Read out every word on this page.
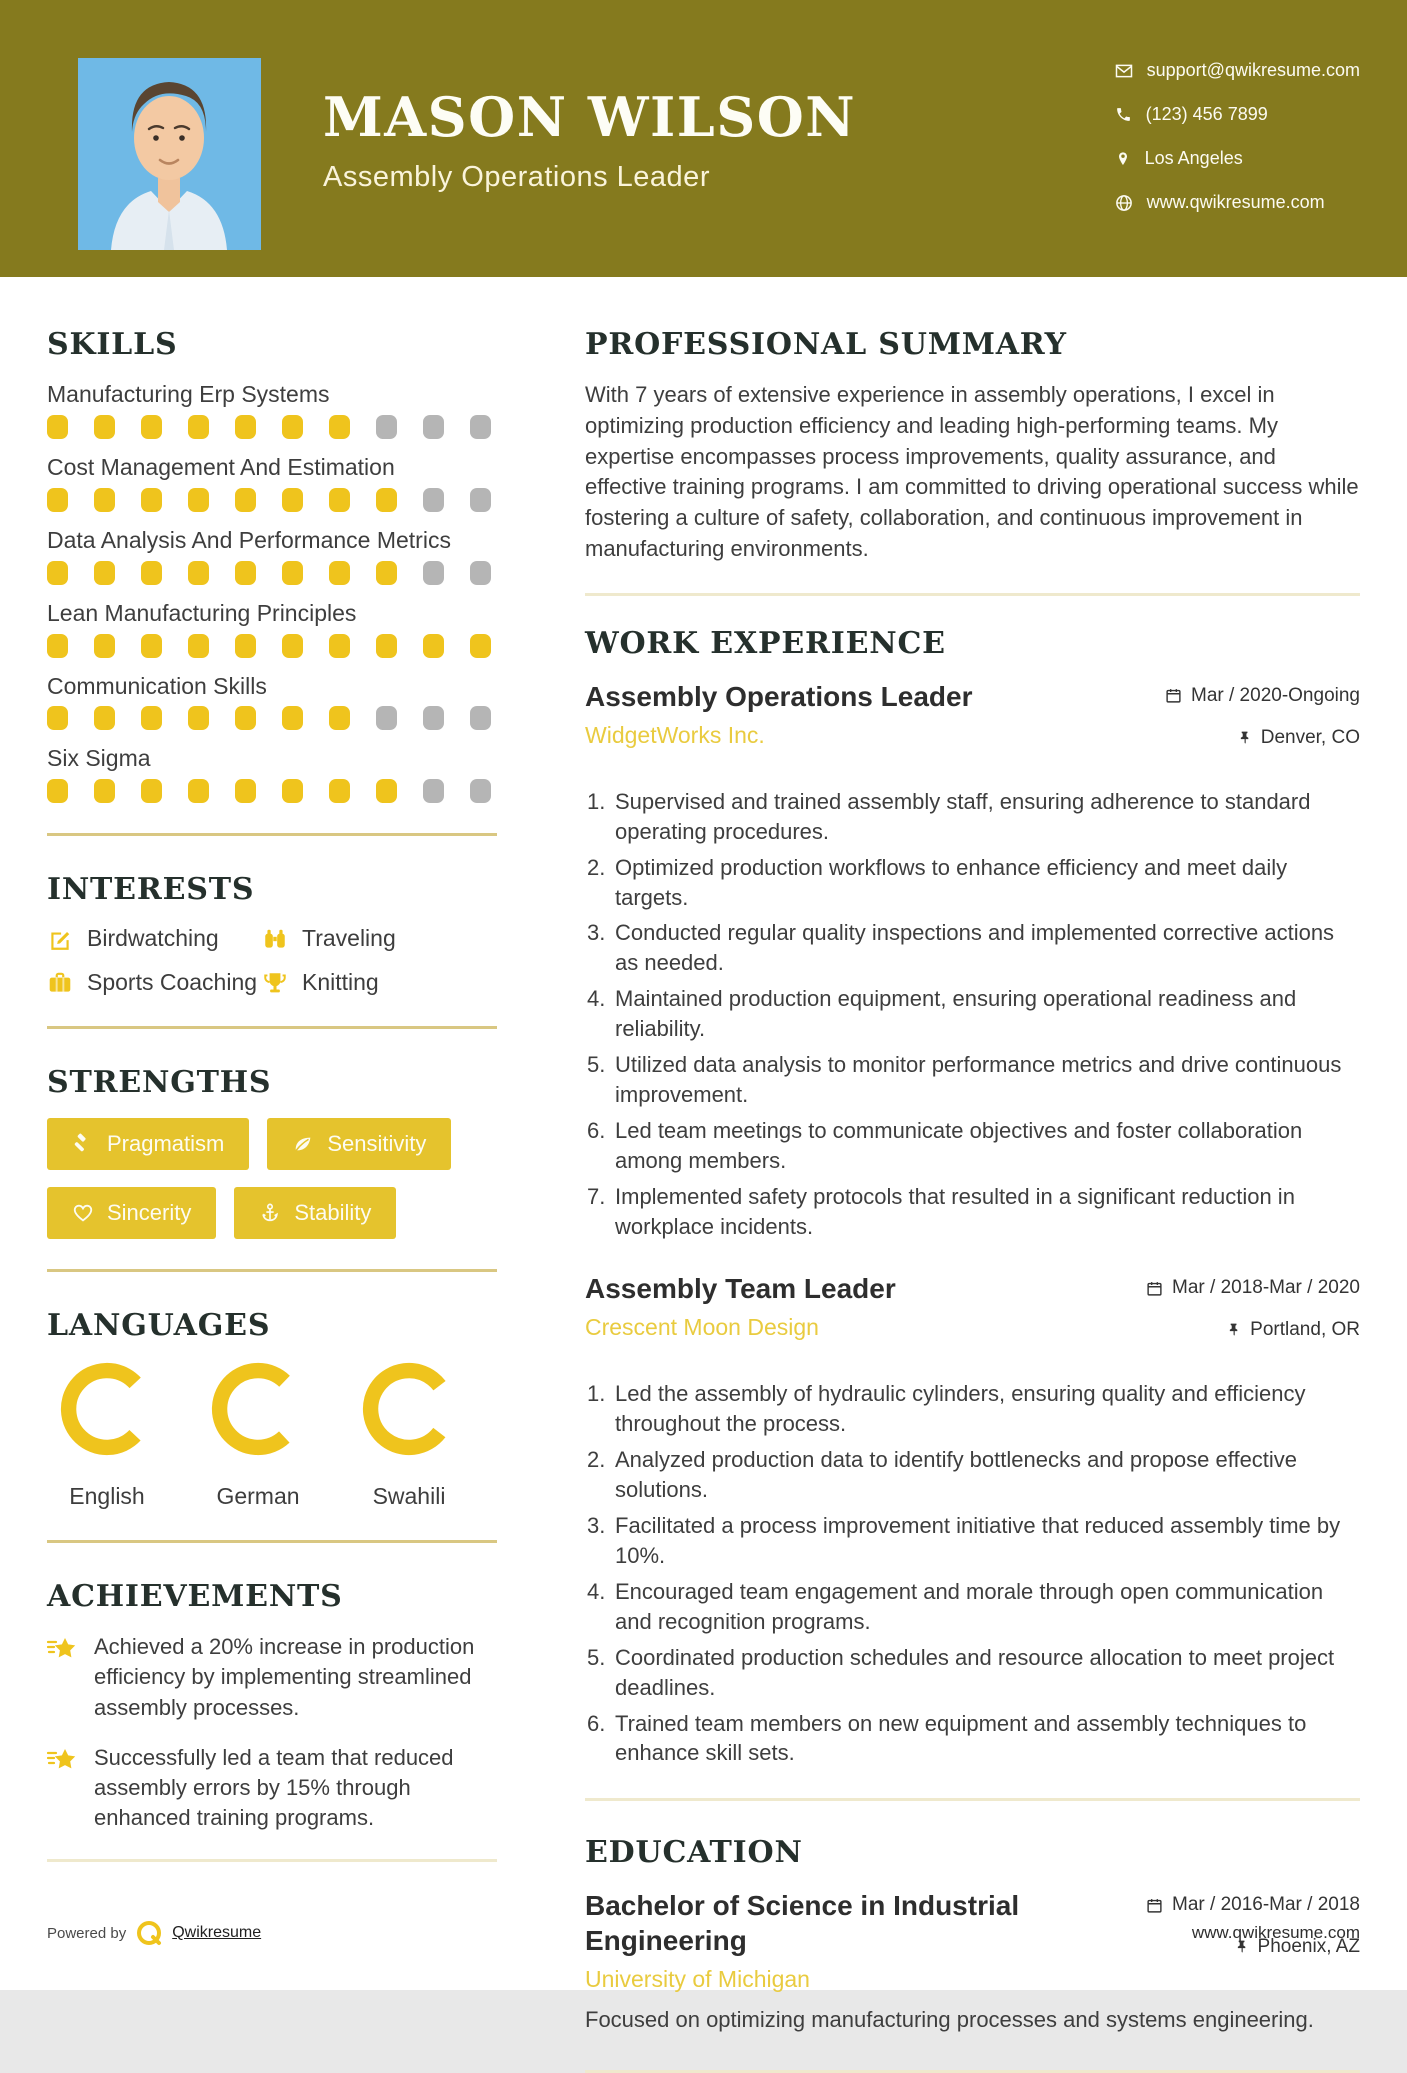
MASON WILSON
Assembly Operations Leader
support@qwikresume.com
(123) 456 7899
Los Angeles
www.qwikresume.com
SKILLS
Manufacturing Erp Systems
Cost Management And Estimation
Data Analysis And Performance Metrics
Lean Manufacturing Principles
Communication Skills
Six Sigma
INTERESTS
Birdwatching	Traveling
Sports Coaching Knitting
STRENGTHS
Pragmatism	Sensitivity
Sincerity	Stability
LANGUAGES
English	German	Swahili
ACHIEVEMENTS
Achieved a 20% increase in production efficiency by implementing streamlined assembly processes.
Successfully led a team that reduced assembly errors by 15% through enhanced training programs.
PROFESSIONAL SUMMARY
With 7 years of extensive experience in assembly operations, I excel in optimizing production efficiency and leading high-performing teams. My expertise encompasses process improvements, quality assurance, and effective training programs. I am committed to driving operational success while fostering a culture of safety, collaboration, and continuous improvement in manufacturing environments.
WORK EXPERIENCE
Assembly Operations Leader
WidgetWorks Inc.
Mar / 2020-Ongoing
Denver, CO
Supervised and trained assembly staff, ensuring adherence to standard operating procedures.
Optimized production workflows to enhance efficiency and meet daily targets.
Conducted regular quality inspections and implemented corrective actions as needed.
Maintained production equipment, ensuring operational readiness and reliability.
Utilized data analysis to monitor performance metrics and drive continuous improvement.
Led team meetings to communicate objectives and foster collaboration among members.
Implemented safety protocols that resulted in a significant reduction in workplace incidents.
Assembly Team Leader
Crescent Moon Design
Mar / 2018-Mar / 2020
Portland, OR
Led the assembly of hydraulic cylinders, ensuring quality and efficiency throughout the process.
Analyzed production data to identify bottlenecks and propose effective solutions.
Facilitated a process improvement initiative that reduced assembly time by 10%.
Encouraged team engagement and morale through open communication and recognition programs.
Coordinated production schedules and resource allocation to meet project deadlines.
Trained team members on new equipment and assembly techniques to enhance skill sets.
EDUCATION
Bachelor of Science in Industrial Engineering
University of Michigan
Mar / 2016-Mar / 2018
Phoenix, AZ
Focused on optimizing manufacturing processes and systems engineering.
Powered by	Qwikresume	www.qwikresume.com
